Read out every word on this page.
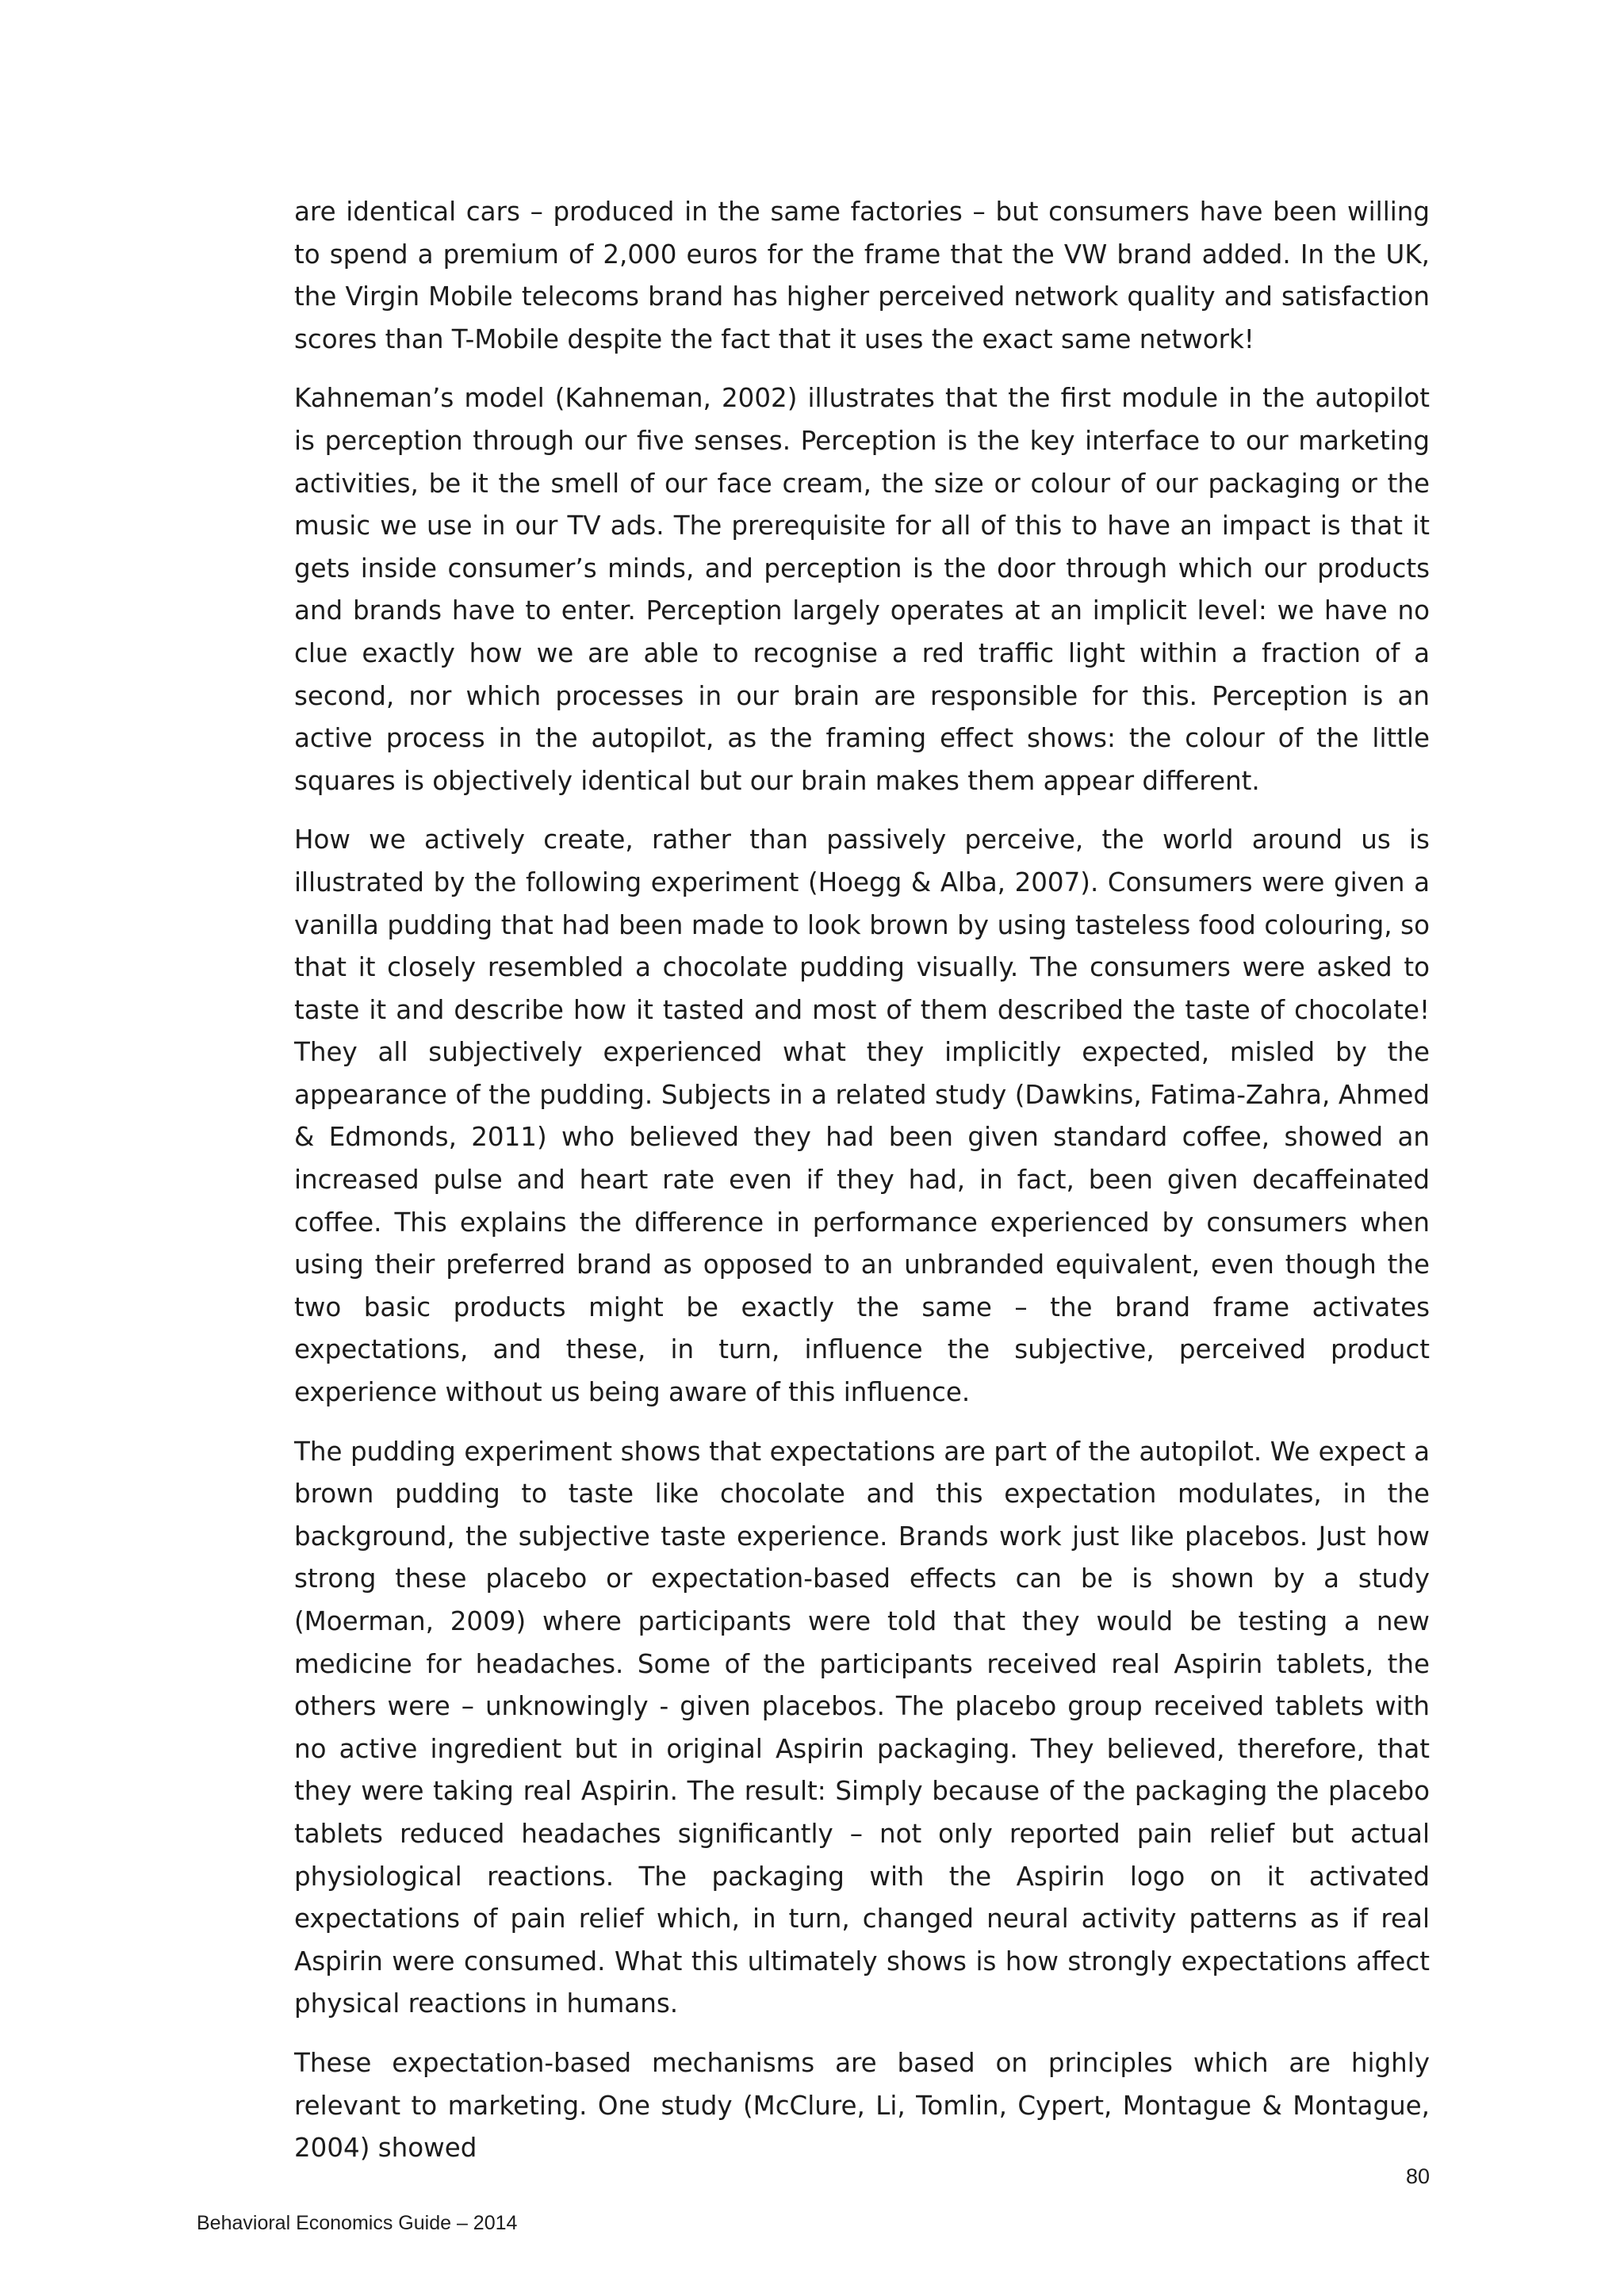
are identical cars – produced in the same factories – but consumers have been willing to spend a premium of 2,000 euros for the frame that the VW brand added. In the UK, the Virgin Mobile telecoms brand has higher perceived network quality and satisfaction scores than T-Mobile despite the fact that it uses the exact same network!

Kahneman’s model (Kahneman, 2002) illustrates that the first module in the autopilot is perception through our five senses. Perception is the key interface to our marketing activities, be it the smell of our face cream, the size or colour of our packaging or the music we use in our TV ads. The prerequisite for all of this to have an impact is that it gets inside consumer’s minds, and perception is the door through which our products and brands have to enter. Perception largely operates at an implicit level: we have no clue exactly how we are able to recognise a red traffic light within a fraction of a second, nor which processes in our brain are responsible for this. Perception is an active process in the autopilot, as the framing effect shows: the colour of the little squares is objectively identical but our brain makes them appear different.

How we actively create, rather than passively perceive, the world around us is illustrated by the following experiment (Hoegg & Alba, 2007). Consumers were given a vanilla pudding that had been made to look brown by using tasteless food colouring, so that it closely resembled a chocolate pudding visually. The consumers were asked to taste it and describe how it tasted and most of them described the taste of chocolate! They all subjectively experienced what they implicitly expected, misled by the appearance of the pudding. Subjects in a related study (Dawkins, Fatima-Zahra, Ahmed & Edmonds, 2011) who believed they had been given standard coffee, showed an increased pulse and heart rate even if they had, in fact, been given decaffeinated coffee. This explains the difference in performance experienced by consumers when using their preferred brand as opposed to an unbranded equivalent, even though the two basic products might be exactly the same – the brand frame activates expectations, and these, in turn, influence the subjective, perceived product experience without us being aware of this influence.

The pudding experiment shows that expectations are part of the autopilot. We expect a brown pudding to taste like chocolate and this expectation modulates, in the background, the subjective taste experience. Brands work just like placebos. Just how strong these placebo or expectation-based effects can be is shown by a study (Moerman, 2009) where participants were told that they would be testing a new medicine for headaches. Some of the participants received real Aspirin tablets, the others were – unknowingly - given placebos. The placebo group received tablets with no active ingredient but in original Aspirin packaging. They believed, therefore, that they were taking real Aspirin. The result: Simply because of the packaging the placebo tablets reduced headaches significantly – not only reported pain relief but actual physiological reactions. The packaging with the Aspirin logo on it activated expectations of pain relief which, in turn, changed neural activity patterns as if real Aspirin were consumed. What this ultimately shows is how strongly expectations affect physical reactions in humans.

These expectation-based mechanisms are based on principles which are highly relevant to marketing. One study (McClure, Li, Tomlin, Cypert, Montague & Montague, 2004) showed

80
Behavioral Economics Guide – 2014
